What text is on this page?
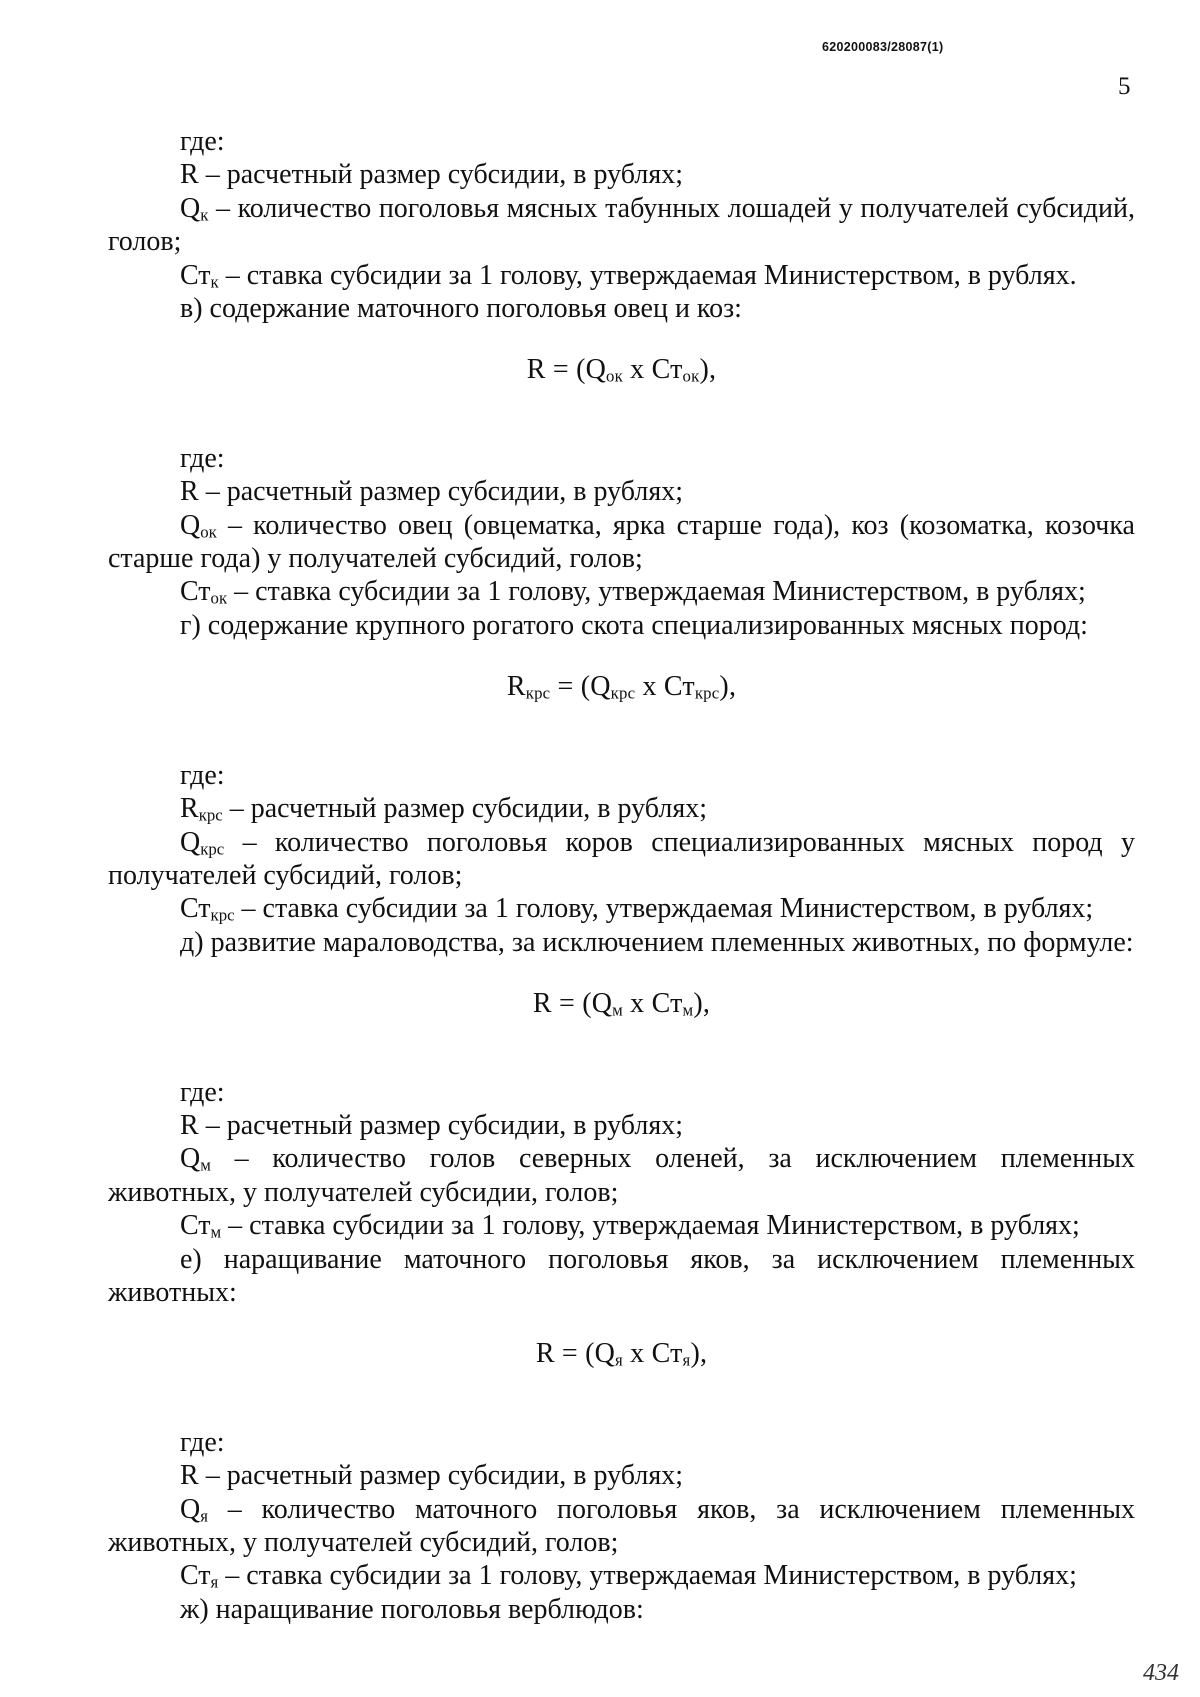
620200083/28087(1)
5

где:

R – расчетный размер субсидии, в рублях;

$Q_к$ – количество поголовья мясных табунных лошадей у получателей субсидий, голов;

$Ст_к$ – ставка субсидии за 1 голову, утверждаемая Министерством, в рублях.

в) содержание маточного поголовья овец и коз:

$R = (Q_{ок}$ x $Ст_{ок}$),

где:

R – расчетный размер субсидии, в рублях;

$Q_{ок}$ – количество овец (овцематка, ярка старше года), коз (козоматка, козочка старше года) у получателей субсидий, голов;

$Ст_{ок}$ – ставка субсидии за 1 голову, утверждаемая Министерством, в рублях;

г) содержание крупного рогатого скота специализированных мясных пород:

$R_{крс} = (Q_{крс}$ x $Ст_{крс}$),

где:

$R_{крс}$ – расчетный размер субсидии, в рублях;

$Q_{крс}$ – количество поголовья коров специализированных мясных пород у получателей субсидий, голов;

$Ст_{крс}$ – ставка субсидии за 1 голову, утверждаемая Министерством, в рублях;

д) развитие мараловодства, за исключением племенных животных, по формуле:

$R = (Q_м$ x $Ст_м$),

где:

R – расчетный размер субсидии, в рублях;

$Q_м$ – количество голов северных оленей, за исключением племенных животных, у получателей субсидии, голов;

$Ст_м$ – ставка субсидии за 1 голову, утверждаемая Министерством, в рублях;

е) наращивание маточного поголовья яков, за исключением племенных животных:

$R = (Q_я$ x $Ст_я$),

где:

R – расчетный размер субсидии, в рублях;

$Q_я$ – количество маточного поголовья яков, за исключением племенных животных, у получателей субсидий, голов;

$Ст_я$ – ставка субсидии за 1 голову, утверждаемая Министерством, в рублях;

ж) наращивание поголовья верблюдов:

434
